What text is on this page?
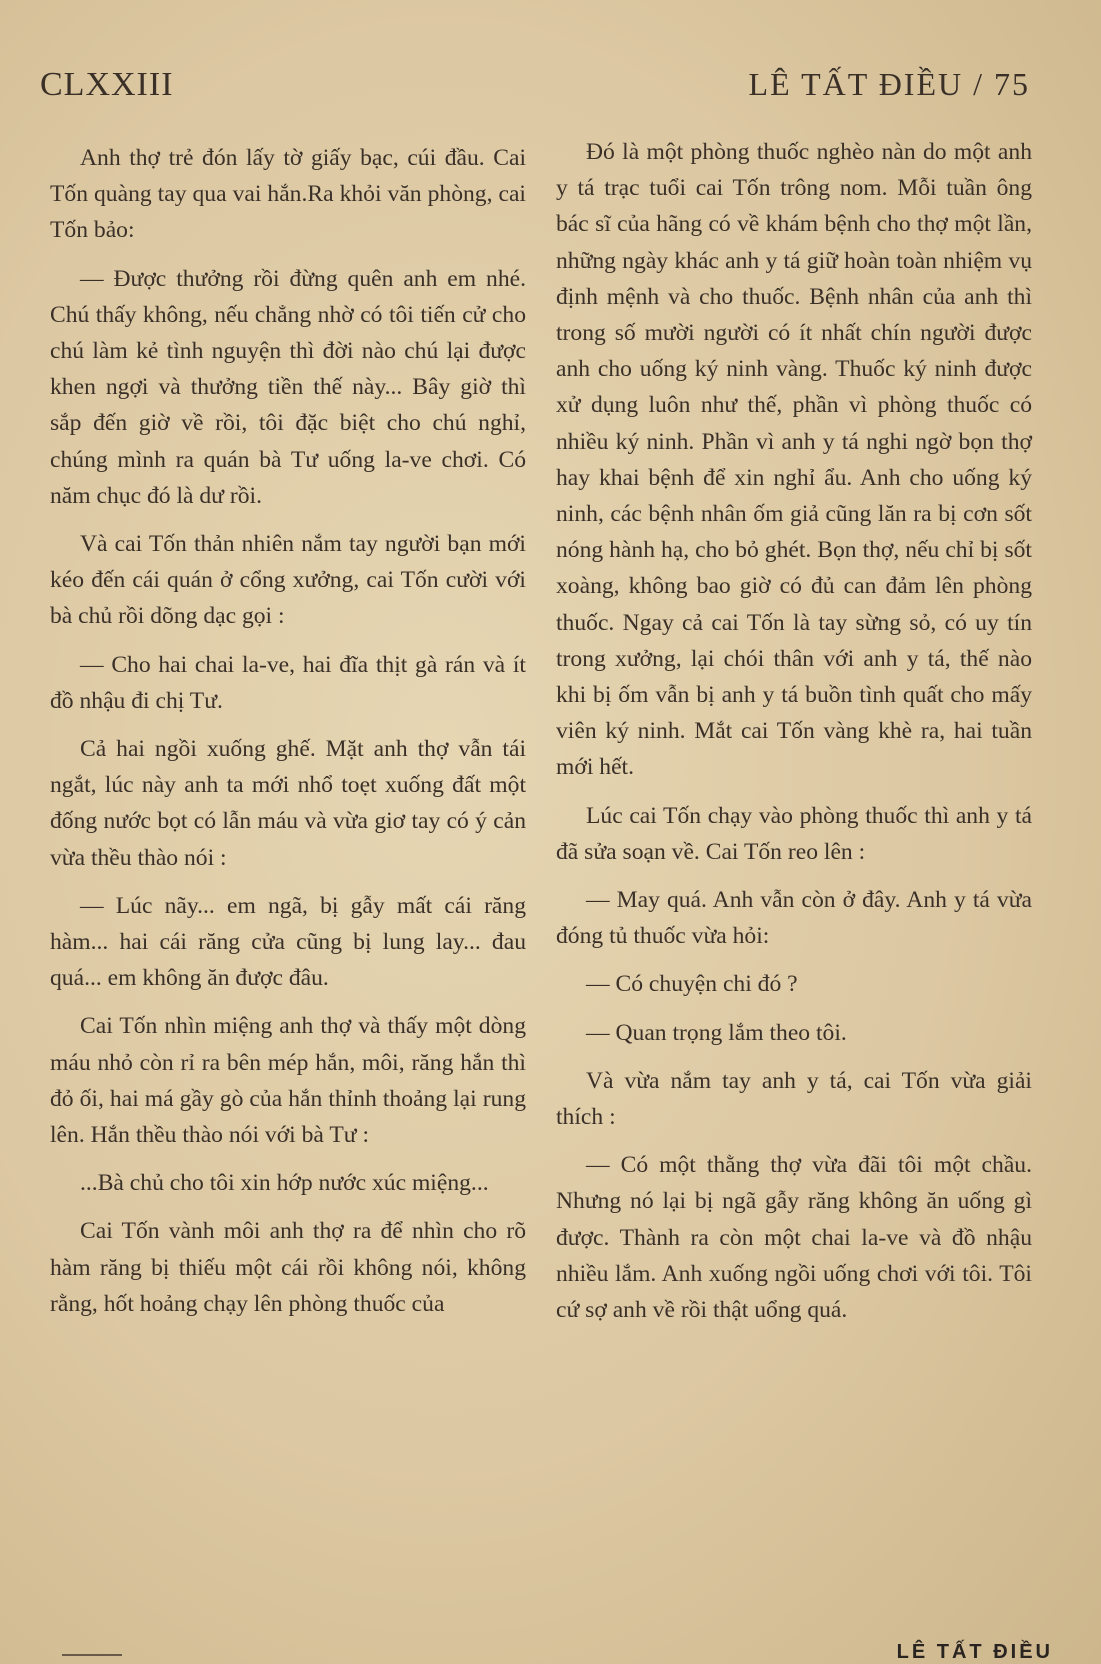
CLXXIII	LÊ TẤT ĐIỀU / 75

Anh thợ trẻ đón lấy tờ giấy bạc, cúi đầu. Cai Tốn quàng tay qua vai hắn.Ra khỏi văn phòng, cai Tốn bảo:

— Được thưởng rồi đừng quên anh em nhé. Chú thấy không, nếu chẳng nhờ có tôi tiến cử cho chú làm kẻ tình nguyện thì đời nào chú lại được khen ngợi và thưởng tiền thế này... Bây giờ thì sắp đến giờ về rồi, tôi đặc biệt cho chú nghỉ, chúng mình ra quán bà Tư uống la-ve chơi. Có năm chục đó là dư rồi.

Và cai Tốn thản nhiên nắm tay người bạn mới kéo đến cái quán ở cổng xưởng, cai Tốn cười với bà chủ rồi dõng dạc gọi :

— Cho hai chai la-ve, hai đĩa thịt gà rán và ít đồ nhậu đi chị Tư.

Cả hai ngồi xuống ghế. Mặt anh thợ vẫn tái ngắt, lúc này anh ta mới nhổ toẹt xuống đất một đống nước bọt có lẫn máu và vừa giơ tay có ý cản vừa thều thào nói :

— Lúc nãy... em ngã, bị gẫy mất cái răng hàm... hai cái răng cửa cũng bị lung lay... đau quá... em không ăn được đâu.

Cai Tốn nhìn miệng anh thợ và thấy một dòng máu nhỏ còn rỉ ra bên mép hắn, môi, răng hắn thì đỏ ối, hai má gầy gò của hắn thỉnh thoảng lại rung lên. Hắn thều thào nói với bà Tư :

...Bà chủ cho tôi xin hớp nước xúc miệng...

Cai Tốn vành môi anh thợ ra để nhìn cho rõ hàm răng bị thiếu một cái rồi không nói, không rằng, hốt hoảng chạy lên phòng thuốc của

Đó là một phòng thuốc nghèo nàn do một anh y tá trạc tuổi cai Tốn trông nom. Mỗi tuần ông bác sĩ của hãng có về khám bệnh cho thợ một lần, những ngày khác anh y tá giữ hoàn toàn nhiệm vụ định mệnh và cho thuốc. Bệnh nhân của anh thì trong số mười người có ít nhất chín người được anh cho uống ký ninh vàng. Thuốc ký ninh được xử dụng luôn như thế, phần vì phòng thuốc có nhiều ký ninh. Phần vì anh y tá nghi ngờ bọn thợ hay khai bệnh để xin nghỉ ẩu. Anh cho uống ký ninh, các bệnh nhân ốm giả cũng lăn ra bị cơn sốt nóng hành hạ, cho bỏ ghét. Bọn thợ, nếu chỉ bị sốt xoàng, không bao giờ có đủ can đảm lên phòng thuốc. Ngay cả cai Tốn là tay sừng sỏ, có uy tín trong xưởng, lại chói thân với anh y tá, thế nào khi bị ốm vẫn bị anh y tá buồn tình quất cho mấy viên ký ninh. Mắt cai Tốn vàng khè ra, hai tuần mới hết.

Lúc cai Tốn chạy vào phòng thuốc thì anh y tá đã sửa soạn về. Cai Tốn reo lên :

— May quá. Anh vẫn còn ở đây. Anh y tá vừa đóng tủ thuốc vừa hỏi:

— Có chuyện chi đó ?

— Quan trọng lắm theo tôi.

Và vừa nắm tay anh y tá, cai Tốn vừa giải thích :

— Có một thằng thợ vừa đãi tôi một chầu. Nhưng nó lại bị ngã gẫy răng không ăn uống gì được. Thành ra còn một chai la-ve và đồ nhậu nhiều lắm. Anh xuống ngồi uống chơi với tôi. Tôi cứ sợ anh về rồi thật uổng quá.

LÊ TẤT ĐIỀU
